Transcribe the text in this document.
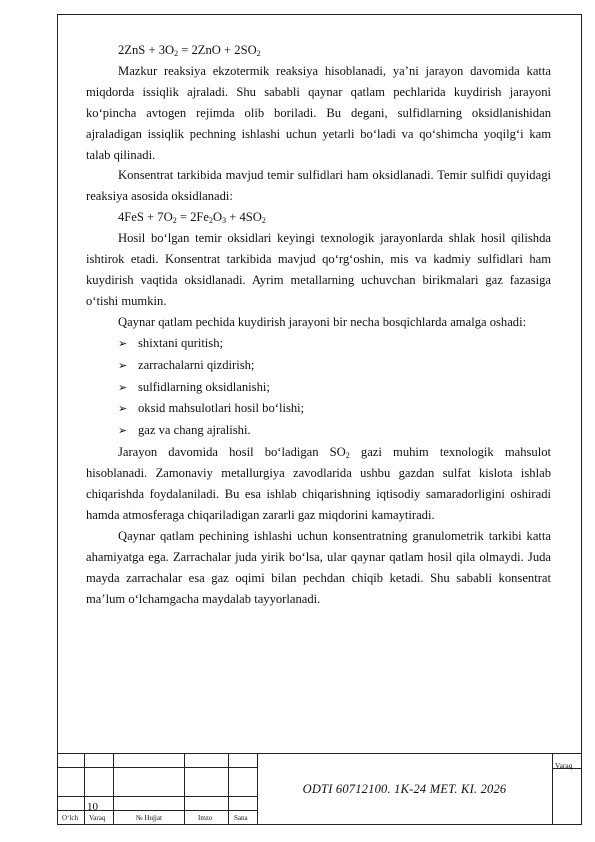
$2ZnS + 3O_2 = 2ZnO + 2SO_2$

Mazkur reaksiya ekzotermik reaksiya hisoblanadi, ya’ni jarayon davomida katta miqdorda issiqlik ajraladi. Shu sababli qaynar qatlam pechlarida kuydirish jarayoni ko‘pincha avtogen rejimda olib boriladi. Bu degani, sulfidlarning oksidlanishidan ajraladigan issiqlik pechning ishlashi uchun yetarli bo‘ladi va qo‘shimcha yoqilg‘i kam talab qilinadi.

Konsentrat tarkibida mavjud temir sulfidlari ham oksidlanadi. Temir sulfidi quyidagi reaksiya asosida oksidlanadi:

$4FeS + 7O_2 = 2Fe_2O_3 + 4SO_2$

Hosil bo‘lgan temir oksidlari keyingi texnologik jarayonlarda shlak hosil qilishda ishtirok etadi. Konsentrat tarkibida mavjud qo‘rg‘oshin, mis va kadmiy sulfidlari ham kuydirish vaqtida oksidlanadi. Ayrim metallarning uchuvchan birikmalari gaz fazasiga o‘tishi mumkin.

Qaynar qatlam pechida kuydirish jarayoni bir necha bosqichlarda amalga oshadi:

➢ shixtani quritish;
➢ zarrachalarni qizdirish;
➢ sulfidlarning oksidlanishi;
➢ oksid mahsulotlari hosil bo‘lishi;
➢ gaz va chang ajralishi.

Jarayon davomida hosil bo‘ladigan $SO_2$ gazi muhim texnologik mahsulot hisoblanadi. Zamonaviy metallurgiya zavodlarida ushbu gazdan sulfat kislota ishlab chiqarishda foydalaniladi. Bu esa ishlab chiqarishning iqtisodiy samaradorligini oshiradi hamda atmosferaga chiqariladigan zararli gaz miqdorini kamaytiradi.

Qaynar qatlam pechining ishlashi uchun konsentratning granulometrik tarkibi katta ahamiyatga ega. Zarrachalar juda yirik bo‘lsa, ular qaynar qatlam hosil qila olmaydi. Juda mayda zarrachalar esa gaz oqimi bilan pechdan chiqib ketadi. Shu sababli konsentrat ma’lum o‘lchamgacha maydalab tayyorlanadi.

10
O‘lch Varaq	№ Hujjat	Imzo	Sana
ODTI 60712100. 1K-24 MET. KI. 2026
Varaq
